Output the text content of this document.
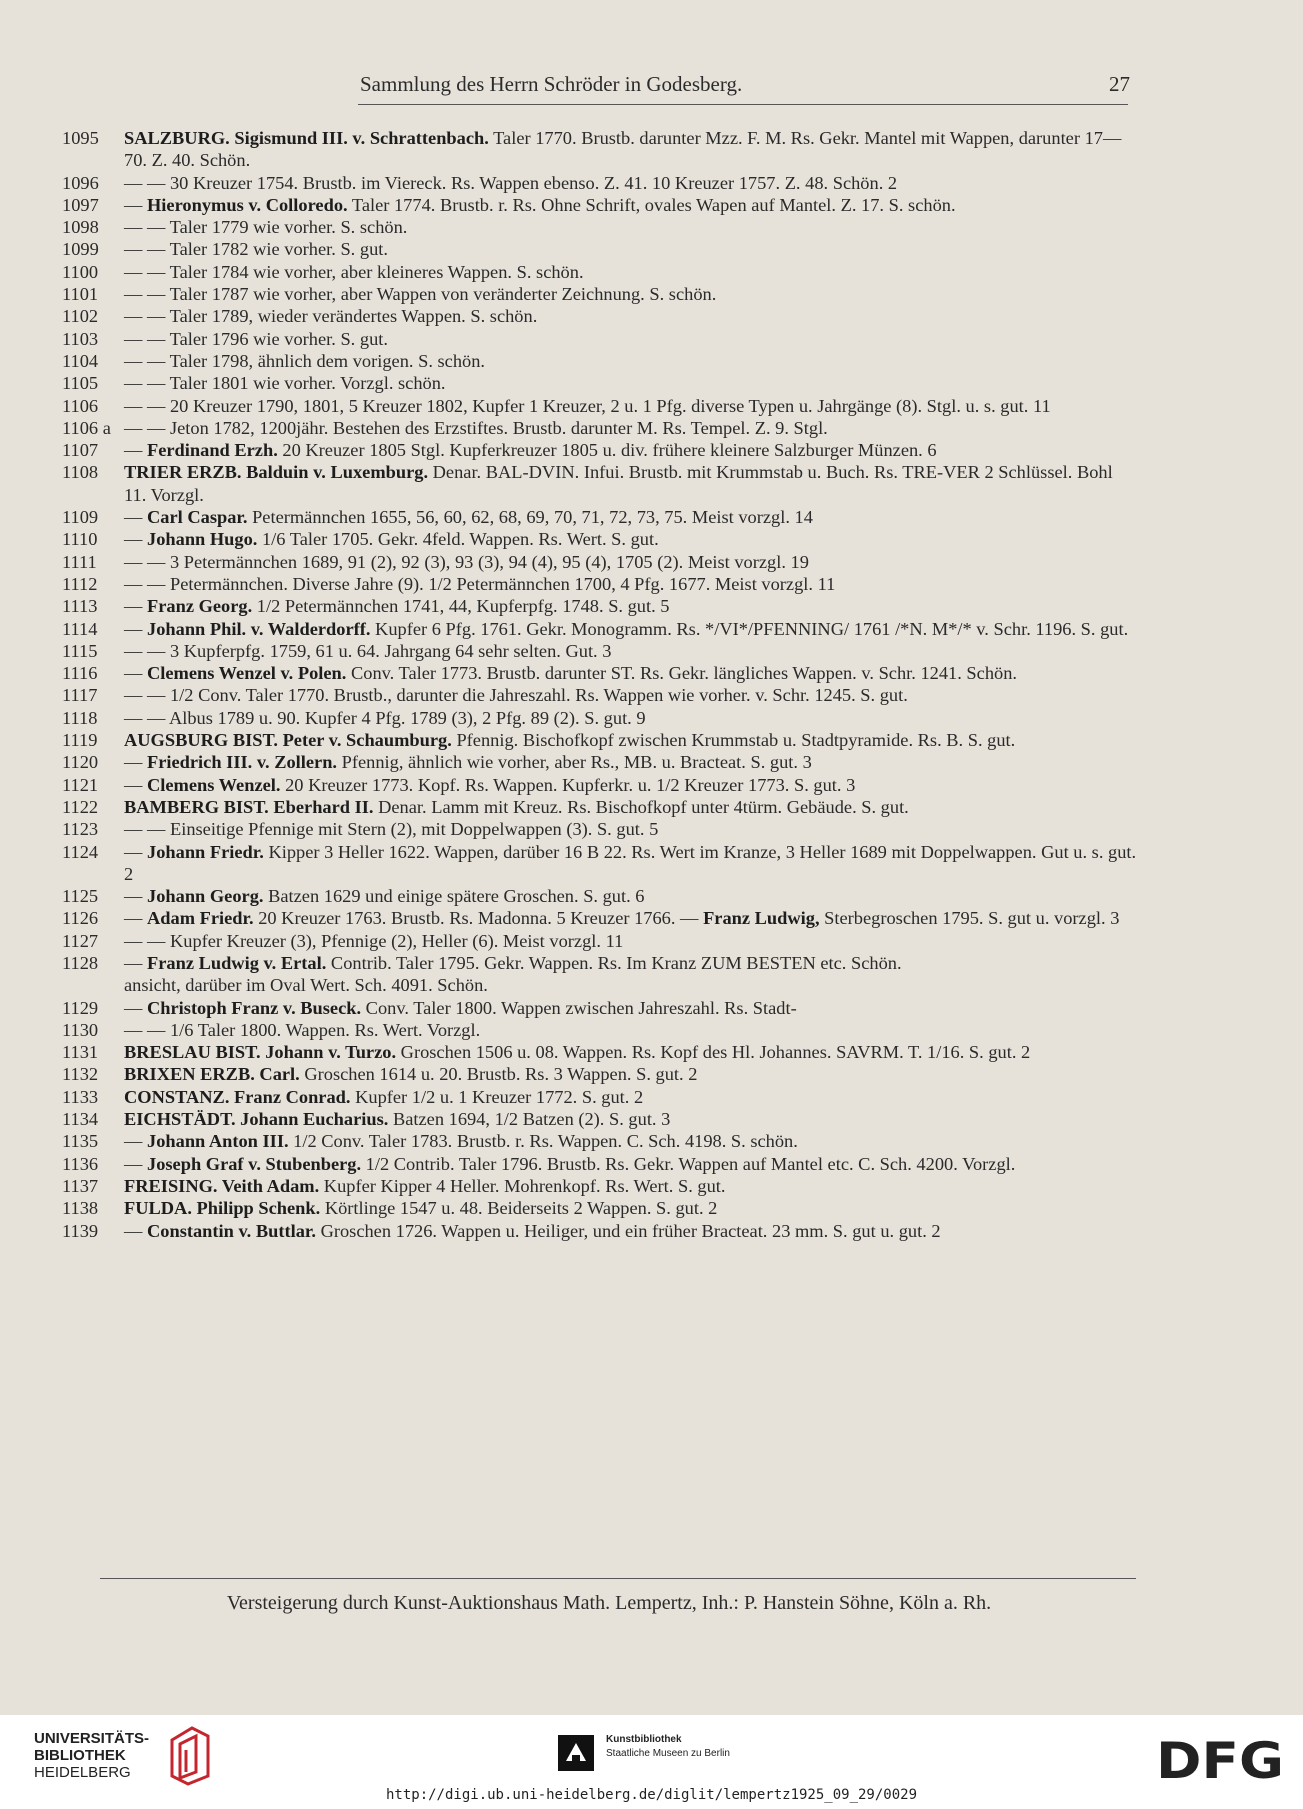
Sammlung des Herrn Schröder in Godesberg.	27
1095	SALZBURG. Sigismund III. v. Schrattenbach. Taler 1770. Brustb. darunter Mzz. F. M. Rs. Gekr. Mantel mit Wappen, darunter 17—70. Z. 40. Schön.
1096	— — 30 Kreuzer 1754. Brustb. im Viereck. Rs. Wappen ebenso. Z. 41. 10 Kreuzer 1757. Z. 48. Schön. 2
1097	— Hieronymus v. Colloredo. Taler 1774. Brustb. r. Rs. Ohne Schrift, ovales Wapen auf Mantel. Z. 17. S. schön.
1098	— — Taler 1779 wie vorher. S. schön.
1099	— — Taler 1782 wie vorher. S. gut.
1100	— — Taler 1784 wie vorher, aber kleineres Wappen. S. schön.
1101	— — Taler 1787 wie vorher, aber Wappen von veränderter Zeichnung. S. schön.
1102	— — Taler 1789, wieder verändertes Wappen. S. schön.
1103	— — Taler 1796 wie vorher. S. gut.
1104	— — Taler 1798, ähnlich dem vorigen. S. schön.
1105	— — Taler 1801 wie vorher. Vorzgl. schön.
1106	— — 20 Kreuzer 1790, 1801, 5 Kreuzer 1802, Kupfer 1 Kreuzer, 2 u. 1 Pfg. diverse Typen u. Jahrgänge (8). Stgl. u. s. gut. 11
1106 a — — Jeton 1782, 1200jähr. Bestehen des Erzstiftes. Brustb. darunter M. Rs. Tempel. Z. 9. Stgl.
1107	— Ferdinand Erzh. 20 Kreuzer 1805 Stgl. Kupferkreuzer 1805 u. div. frühere kleinere Salzburger Münzen. 6
1108	TRIER ERZB. Balduin v. Luxemburg. Denar. BAL-DVIN. Infui. Brustb. mit Krummstab u. Buch. Rs. TRE-VER 2 Schlüssel. Bohl 11. Vorzgl.
1109	— Carl Caspar. Petermännchen 1655, 56, 60, 62, 68, 69, 70, 71, 72, 73, 75. Meist vorzgl. 14
1110	— Johann Hugo. 1/6 Taler 1705. Gekr. 4feld. Wappen. Rs. Wert. S. gut.
1111	— — 3 Petermännchen 1689, 91 (2), 92 (3), 93 (3), 94 (4), 95 (4), 1705 (2). Meist vorzgl. 19
1112	— — Petermännchen. Diverse Jahre (9). 1/2 Petermännchen 1700, 4 Pfg. 1677. Meist vorzgl. 11
1113	— Franz Georg. 1/2 Petermännchen 1741, 44, Kupferpfg. 1748. S. gut. 5
1114	— Johann Phil. v. Walderdorff. Kupfer 6 Pfg. 1761. Gekr. Monogramm. Rs. */VI*/PFENNING/ 1761 /*N. M*/* v. Schr. 1196. S. gut.
1115	— — 3 Kupferpfg. 1759, 61 u. 64. Jahrgang 64 sehr selten. Gut. 3
1116	— Clemens Wenzel v. Polen. Conv. Taler 1773. Brustb. darunter ST. Rs. Gekr. längliches Wappen. v. Schr. 1241. Schön.
1117	— — 1/2 Conv. Taler 1770. Brustb., darunter die Jahreszahl. Rs. Wappen wie vorher. v. Schr. 1245. S. gut.
1118	— — Albus 1789 u. 90. Kupfer 4 Pfg. 1789 (3), 2 Pfg. 89 (2). S. gut. 9
1119	AUGSBURG BIST. Peter v. Schaumburg. Pfennig. Bischofkopf zwischen Krummstab u. Stadtpyramide. Rs. B. S. gut.
1120	— Friedrich III. v. Zollern. Pfennig, ähnlich wie vorher, aber Rs., MB. u. Bracteat. S. gut. 3
1121	— Clemens Wenzel. 20 Kreuzer 1773. Kopf. Rs. Wappen. Kupferkr. u. 1/2 Kreuzer 1773. S. gut. 3
1122	BAMBERG BIST. Eberhard II. Denar. Lamm mit Kreuz. Rs. Bischofkopf unter 4türm. Gebäude. S. gut.
1123	— — Einseitige Pfennige mit Stern (2), mit Doppelwappen (3). S. gut. 5
1124	— Johann Friedr. Kipper 3 Heller 1622. Wappen, darüber 16 B 22. Rs. Wert im Kranze, 3 Heller 1689 mit Doppelwappen. Gut u. s. gut. 2
1125	— Johann Georg. Batzen 1629 und einige spätere Groschen. S. gut. 6
1126	— Adam Friedr. 20 Kreuzer 1763. Brustb. Rs. Madonna. 5 Kreuzer 1766. — Franz Ludwig, Sterbegroschen 1795. S. gut u. vorzgl. 3
1127	— — Kupfer Kreuzer (3), Pfennige (2), Heller (6). Meist vorzgl. 11
1128	— Franz Ludwig v. Ertal. Contrib. Taler 1795. Gekr. Wappen. Rs. Im Kranz ZUM BESTEN etc. Schön.
ansicht, darüber im Oval Wert. Sch. 4091. Schön.
1129	— Christoph Franz v. Buseck. Conv. Taler 1800. Wappen zwischen Jahreszahl. Rs. Stadt-
1130	— — 1/6 Taler 1800. Wappen. Rs. Wert. Vorzgl.
1131	BRESLAU BIST. Johann v. Turzo. Groschen 1506 u. 08. Wappen. Rs. Kopf des Hl. Johannes. SAVRM. T. 1/16. S. gut. 2
1132	BRIXEN ERZB. Carl. Groschen 1614 u. 20. Brustb. Rs. 3 Wappen. S. gut. 2
1133	CONSTANZ. Franz Conrad. Kupfer 1/2 u. 1 Kreuzer 1772. S. gut. 2
1134	EICHSTÄDT. Johann Eucharius. Batzen 1694, 1/2 Batzen (2). S. gut. 3
1135	— Johann Anton III. 1/2 Conv. Taler 1783. Brustb. r. Rs. Wappen. C. Sch. 4198. S. schön.
1136	— Joseph Graf v. Stubenberg. 1/2 Contrib. Taler 1796. Brustb. Rs. Gekr. Wappen auf Mantel etc. C. Sch. 4200. Vorzgl.
1137	FREISING. Veith Adam. Kupfer Kipper 4 Heller. Mohrenkopf. Rs. Wert. S. gut.
1138	FULDA. Philipp Schenk. Körtlinge 1547 u. 48. Beiderseits 2 Wappen. S. gut. 2
1139	— Constantin v. Buttlar. Groschen 1726. Wappen u. Heiliger, und ein früher Bracteat. 23 mm. S. gut u. gut. 2
Versteigerung durch Kunst-Auktionshaus Math. Lempertz, Inh.: P. Hanstein Söhne, Köln a. Rh.
UNIVERSITÄTS-
BIBLIOTHEK
HEIDELBERG
Kunstbibliothek
Staatliche Museen zu Berlin	DFG
http://digi.ub.uni-heidelberg.de/diglit/lempertz1925_09_29/0029
